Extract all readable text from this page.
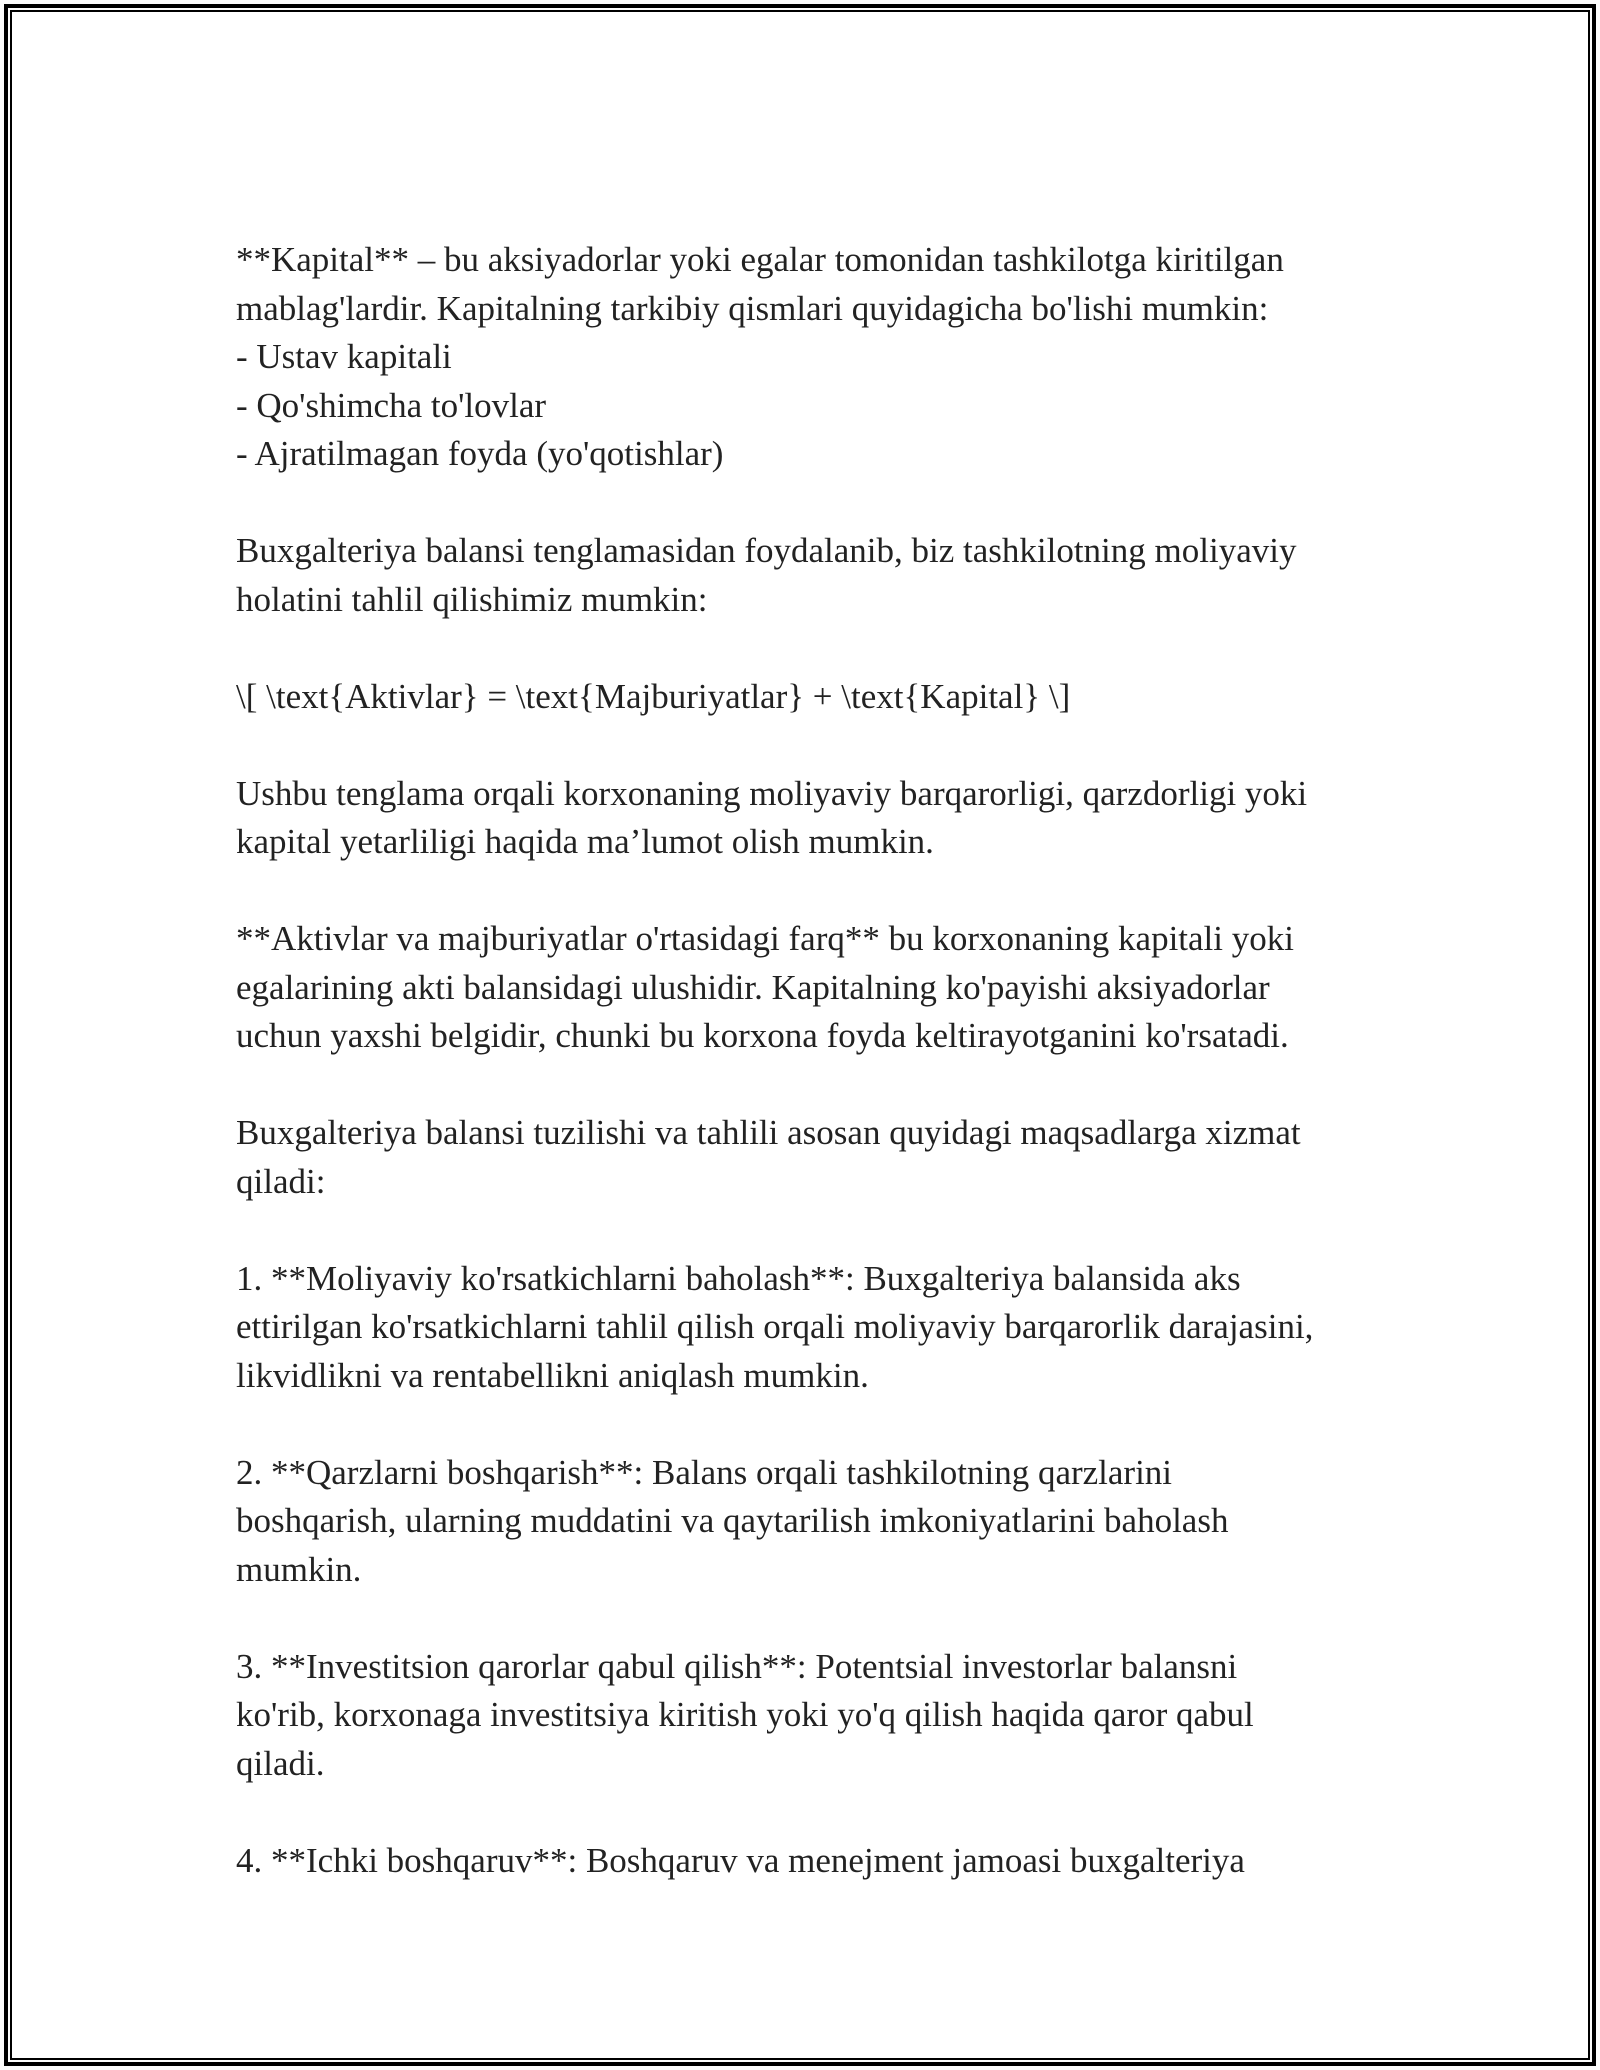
**Kapital** – bu aksiyadorlar yoki egalar tomonidan tashkilotga kiritilgan
mablag'lardir. Kapitalning tarkibiy qismlari quyidagicha bo'lishi mumkin:
- Ustav kapitali
- Qo'shimcha to'lovlar
- Ajratilmagan foyda (yo'qotishlar)
Buxgalteriya balansi tenglamasidan foydalanib, biz tashkilotning moliyaviy
holatini tahlil qilishimiz mumkin:
\[ \text{Aktivlar} = \text{Majburiyatlar} + \text{Kapital} \]
Ushbu tenglama orqali korxonaning moliyaviy barqarorligi, qarzdorligi yoki
kapital yetarliligi haqida ma’lumot olish mumkin.
**Aktivlar va majburiyatlar o'rtasidagi farq** bu korxonaning kapitali yoki
egalarining akti balansidagi ulushidir. Kapitalning ko'payishi aksiyadorlar
uchun yaxshi belgidir, chunki bu korxona foyda keltirayotganini ko'rsatadi.
Buxgalteriya balansi tuzilishi va tahlili asosan quyidagi maqsadlarga xizmat
qiladi:
1. **Moliyaviy ko'rsatkichlarni baholash**: Buxgalteriya balansida aks
ettirilgan ko'rsatkichlarni tahlil qilish orqali moliyaviy barqarorlik darajasini,
likvidlikni va rentabellikni aniqlash mumkin.
2. **Qarzlarni boshqarish**: Balans orqali tashkilotning qarzlarini
boshqarish, ularning muddatini va qaytarilish imkoniyatlarini baholash
mumkin.
3. **Investitsion qarorlar qabul qilish**: Potentsial investorlar balansni
ko'rib, korxonaga investitsiya kiritish yoki yo'q qilish haqida qaror qabul
qiladi.
4. **Ichki boshqaruv**: Boshqaruv va menejment jamoasi buxgalteriya
